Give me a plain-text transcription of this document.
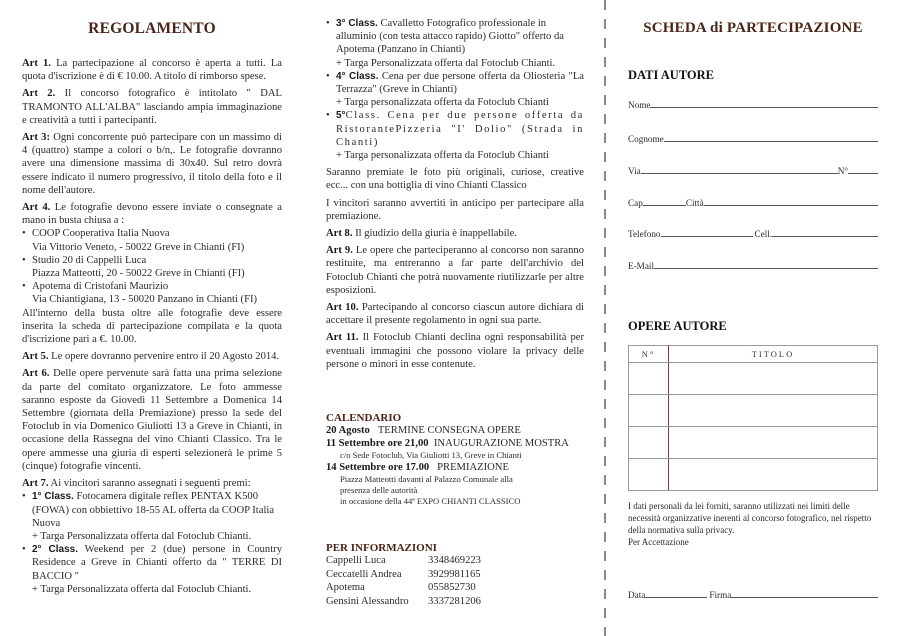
REGOLAMENTO

Art 1. La partecipazione al concorso è aperta a tutti. La quota d'iscrizione è di € 10.00. A titolo di rimborso spese.

Art 2. Il concorso fotografico è intitolato " DAL TRAMONTO ALL'ALBA" lasciando ampia immaginazione e creatività a tutti i partecipanti.

Art 3: Ogni concorrente può partecipare con un massimo di 4 (quattro) stampe a colori o b/n,. Le fotografie dovranno avere una dimensione massima di 30x40. Sul retro dovrà essere indicato il numero progressivo, il titolo della foto e il nome dell'autore.

Art 4. Le fotografie devono essere inviate o consegnate a mano in busta chiusa a :

• COOP Cooperativa Italia Nuova
Via Vittorio Veneto, - 50022 Greve in Chianti (FI)
• Studio 20 di Cappelli Luca
Piazza Matteotti, 20 - 50022 Greve in Chianti (FI)
• Apotema di Cristofani Maurizio
Via Chiantigiana, 13 - 50020 Panzano in Chianti (FI)

All'interno della busta oltre alle fotografie deve essere inserita la scheda di partecipazione compilata e la quota d'iscrizione pari a €. 10.00.

Art 5. Le opere dovranno pervenire entro il 20 Agosto 2014.

Art 6. Delle opere pervenute sarà fatta una prima selezione da parte del comitato organizzatore. Le foto ammesse saranno esposte da Giovedi 11 Settembre a Domenica 14 Settembre (giornata della Premiazione) presso la sede del Fotoclub in via Domenico Giuliotti 13 a Greve in Chianti, in occasione della Rassegna del vino Chianti Classico. Tra le opere ammesse una giuria di esperti selezionerà le prime 5 (cinque) fotografie vincenti.

Art 7. Ai vincitori saranno assegnati i seguenti premi:

• 1° Class. Fotocamera digitale reflex PENTAX K500 (FOWA) con obbiettivo 18-55 AL offerta da COOP Italia Nuova
+ Targa Personalizzata offerta dal Fotoclub Chianti.
• 2° Class. Weekend per 2 (due) persone in Country Residence a Greve in Chianti offerto da " TERRE DI BACCIO "
+ Targa Personalizzata offerta dal Fotoclub Chianti.
• 3° Class. Cavalletto Fotografico professionale in alluminio (con testa attacco rapido) Giotto" offerto da Apotema (Panzano in Chianti)
+ Targa Personalizzata offerta dal Fotoclub Chianti.
• 4° Class. Cena per due persone offerta da Oliosteria "La Terrazza" (Greve in Chianti)
+ Targa personalizzata offerta da Fotoclub Chianti
• 5°Class. Cena per due persone offerta da RistorantePizzeria "I' Dolio" (Strada in Chanti)
+ Targa personalizzata offerta da Fotoclub Chianti

Saranno premiate le foto più originali, curiose, creative ecc... con una bottiglia di vino Chianti Classico

I vincitori saranno avvertiti in anticipo per partecipare alla premiazione.

Art 8. Il giudizio della giuria è inappellabile.

Art 9. Le opere che parteciperanno al concorso non saranno restituite, ma entreranno a far parte dell'archivio del Fotoclub Chianti che potrà nuovamente riutilizzarle per altre esposizioni.

Art 10. Partecipando al concorso ciascun autore dichiara di accettare il presente regolamento in ogni sua parte.

Art 11. Il Fotoclub Chianti declina ogni responsabilità per eventuali immagini che possono violare la privacy delle persone o minori in esse contenute.

CALENDARIO
20 Agosto TERMINE CONSEGNA OPERE
11 Settembre ore 21,00 INAUGURAZIONE MOSTRA
c/o Sede Fotoclub, Via Giuliotti 13, Greve in Chianti
14 Settembre ore 17.00 PREMIAZIONE
Piazza Matteotti davanti al Palazzo Comunale alla
presenza delle autorità
in occasione della 44ª EXPO CHIANTI CLASSICO
PER INFORMAZIONI
Cappelli Luca	3348469223
Ceccatelli Andrea	3929981165
Apotema	055852730
Gensini Alessandro	3337281206
SCHEDA di PARTECIPAZIONE
DATI AUTORE
Nome
Cognome
Via	N°
Cap	Città
Telefono	Cell.
E-Mail
OPERE AUTORE
N°	TITOLO

I dati personali da lei forniti, saranno utilizzati nei limiti delle necessità organizzative inerenti al concorso fotografico, nel rispetto della normativa sulla privacy.
Per Accettazione
Data	Firma
